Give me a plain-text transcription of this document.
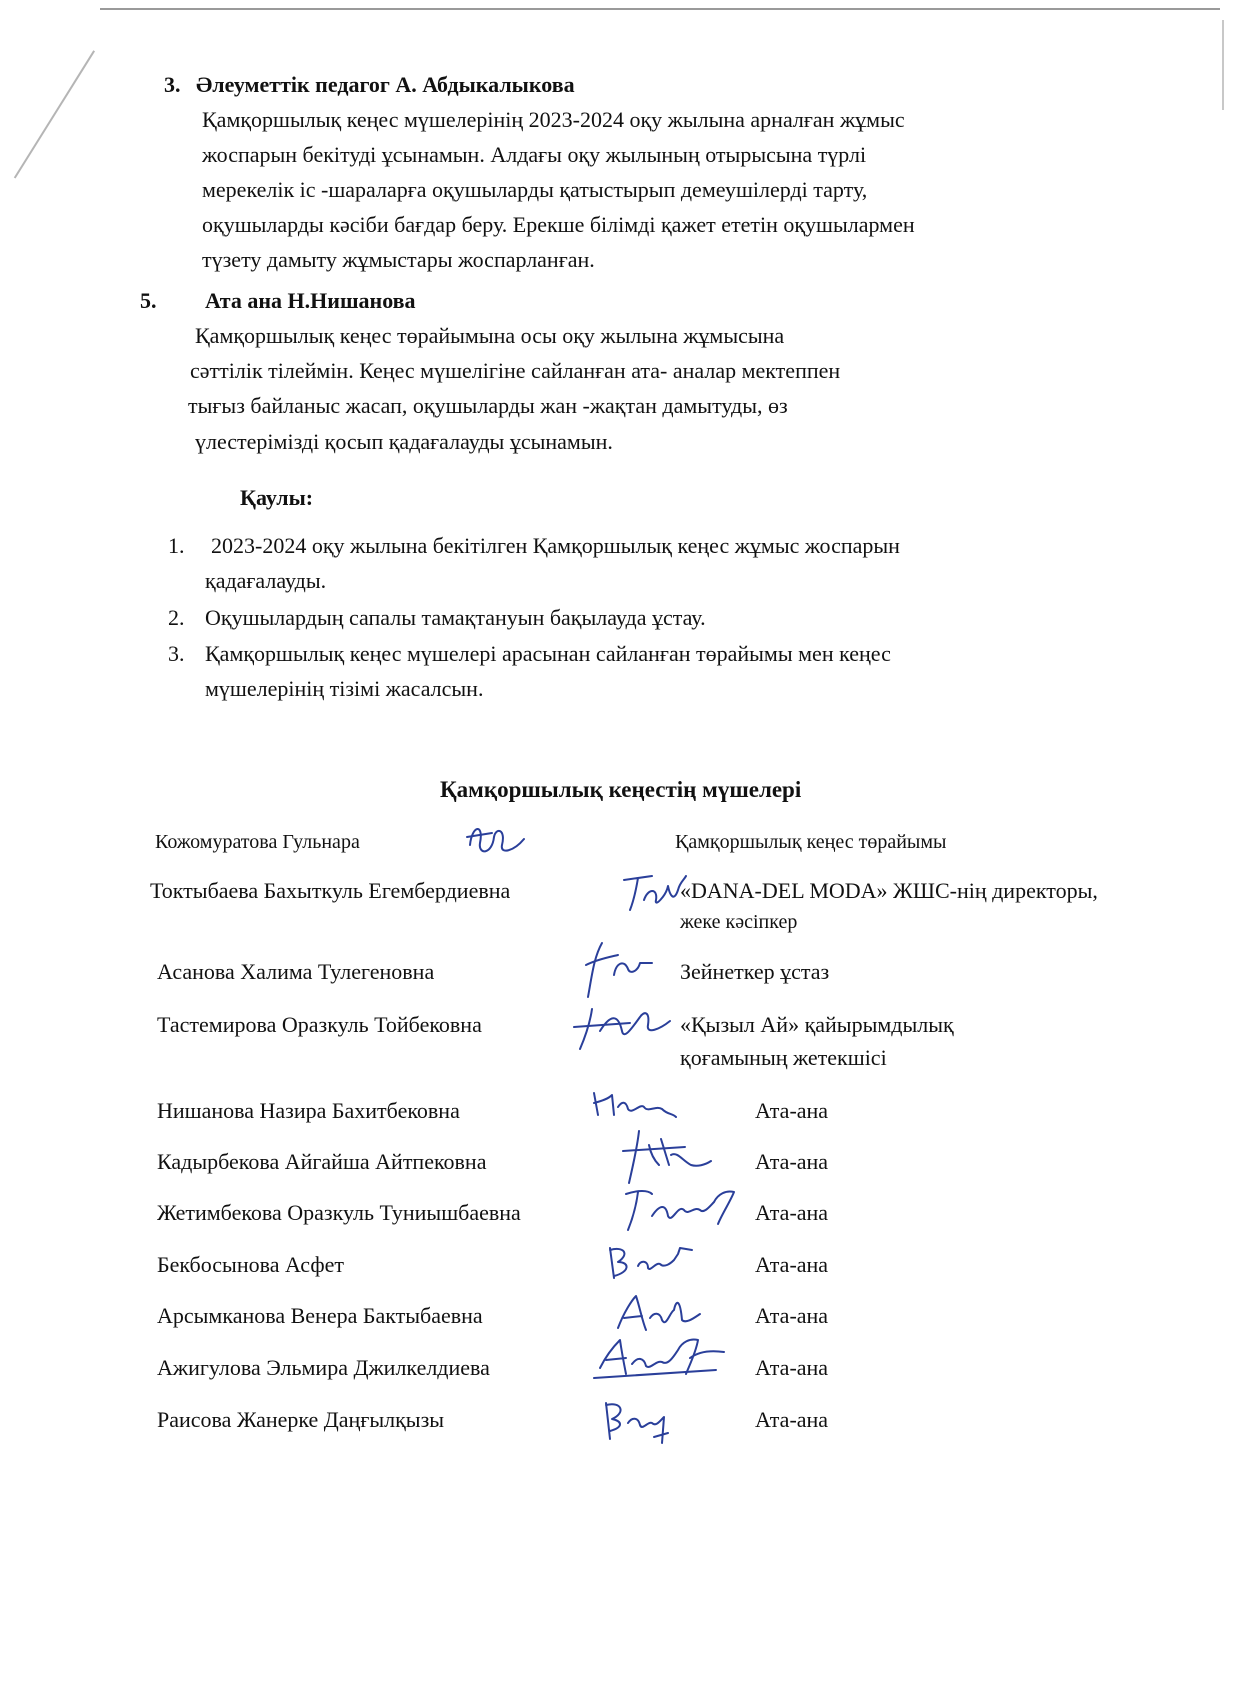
3. Әлеуметтік педагог А. Абдыкалыкова
Қамқоршылық кеңес мүшелерінің 2023-2024 оқу жылына арналған жұмыс
жоспарын бекітуді ұсынамын. Алдағы оқу жылының отырысына түрлі
мерекелік іс -шараларға оқушыларды қатыстырып демеушілерді тарту,
оқушыларды кәсіби бағдар беру. Ерекше білімді қажет ететін оқушылармен
түзету дамыту жұмыстары жоспарланған.
5. Ата ана Н.Нишанова
Қамқоршылық кеңес төрайымына осы оқу жылына жұмысына
сәттілік тілеймін. Кеңес мүшелігіне сайланған ата- аналар мектеппен
тығыз байланыс жасап, оқушыларды жан -жақтан дамытуды, өз
үлестерімізді қосып қадағалауды ұсынамын.
Қаулы:
1. 2023-2024 оқу жылына бекітілген Қамқоршылық кеңес жұмыс жоспарын
қадағалауды.
2. Оқушылардың сапалы тамақтануын бақылауда ұстау.
3. Қамқоршылық кеңес мүшелері арасынан сайланған төрайымы мен кеңес
мүшелерінің тізімі жасалсын.
Қамқоршылық кеңестің мүшелері
Кожомуратова Гульнара	Қамқоршылық кеңес төрайымы
Токтыбаева Бахыткуль Егембердиевна	«DANA-DEL MODA» ЖШС-нің директоры,
жеке кәсіпкер
Асанова Халима Тулегеновна	Зейнеткер ұстаз
Тастемирова Оразкуль Тойбековна	«Қызыл Ай» қайырымдылық
қоғамының жетекшісі
Нишанова Назира Бахитбековна	Ата-ана
Кадырбекова Айгайша Айтпековна	Ата-ана
Жетимбекова Оразкуль Туниышбаевна	Ата-ана
Бекбосынова Асфет	Ата-ана
Арсымканова Венера Бактыбаевна	Ата-ана
Ажигулова Эльмира Джилкелдиева	Ата-ана
Раисова Жанерке Даңғылқызы	Ата-ана
